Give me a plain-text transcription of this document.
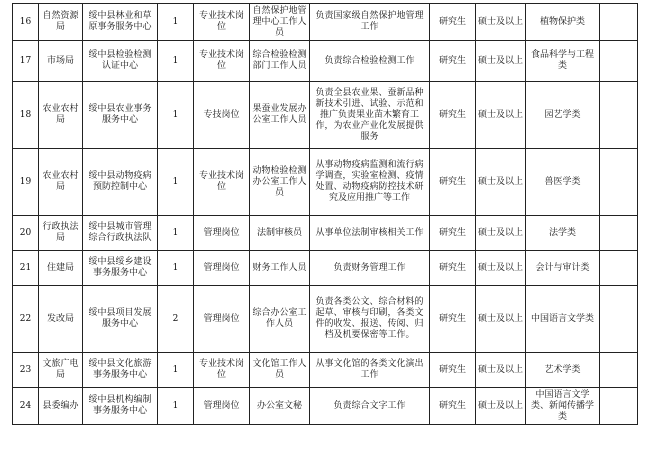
16	自然资源局	绥中县林业和草原事务服务中心	1	专业技术岗位	自然保护地管理中心工作人员	负责国家级自然保护地管理工作	研究生	硕士及以上	植物保护类	
17	市场局	绥中县检验检测认证中心	1	专业技术岗位	综合检验检测部门工作人员	负责综合检验检测工作	研究生	硕士及以上	食品科学与工程类	
18	农业农村局	绥中县农业事务服务中心	1	专技岗位	果蚕业发展办公室工作人员	负责全县农业果、蚕新品种新技术引进、试验、示范和推广负责果业苗木繁育工作，为农业产业化发展提供服务	研究生	硕士及以上	园艺学类	
19	农业农村局	绥中县动物疫病预防控制中心	1	专业技术岗位	动物检验检测办公室工作人员	从事动物疫病监测和流行病学调查，实验室检测、疫情处置、动物疫病防控技术研究及应用推广等工作	研究生	硕士及以上	兽医学类	
20	行政执法局	绥中县城市管理综合行政执法队	1	管理岗位	法制审核员	从事单位法制审核相关工作	研究生	硕士及以上	法学类	
21	住建局	绥中县绥乡建设事务服务中心	1	管理岗位	财务工作人员	负责财务管理工作	研究生	硕士及以上	会计与审计类	
22	发改局	绥中县项目发展服务中心	2	管理岗位	综合办公室工作人员	负责各类公文、综合材料的起草、审核与印刷，各类文件的收发、报送、传阅、归档及机要保密等工作。	研究生	硕士及以上	中国语言文学类	
23	文旅广电局	绥中县文化旅游事务服务中心	1	专业技术岗位	文化馆工作人员	从事文化馆的各类文化演出工作	研究生	硕士及以上	艺术学类	
24	县委编办	绥中县机构编制事务服务中心	1	管理岗位	办公室文秘	负责综合文字工作	研究生	硕士及以上	中国语言文学类、新闻传播学类	
